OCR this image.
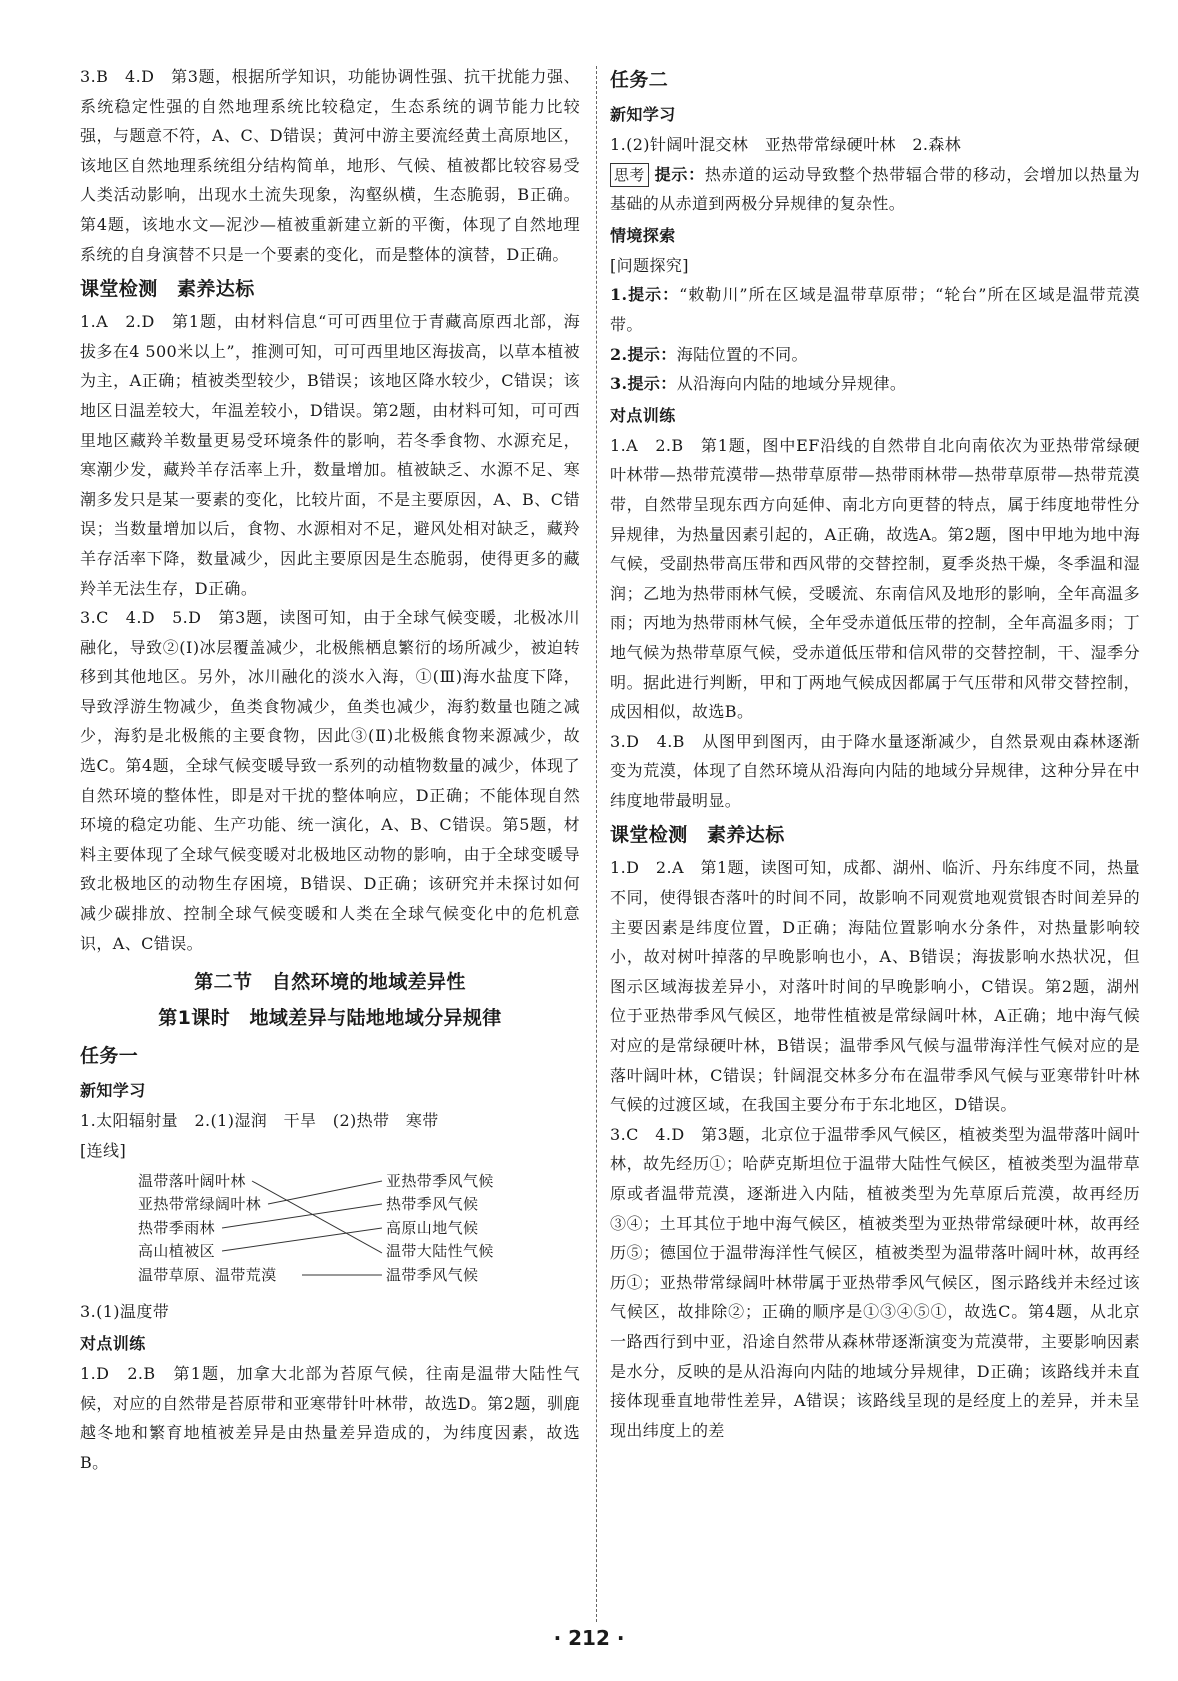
3.B　4.D　第3题，根据所学知识，功能协调性强、抗干扰能力强、系统稳定性强的自然地理系统比较稳定，生态系统的调节能力比较强，与题意不符，A、C、D错误；黄河中游主要流经黄土高原地区，该地区自然地理系统组分结构简单，地形、气候、植被都比较容易受人类活动影响，出现水土流失现象，沟壑纵横，生态脆弱，B正确。第4题，该地水文—泥沙—植被重新建立新的平衡，体现了自然地理系统的自身演替不只是一个要素的变化，而是整体的演替，D正确。

课堂检测　素养达标

1.A　2.D　第1题，由材料信息“可可西里位于青藏高原西北部，海拔多在4 500米以上”，推测可知，可可西里地区海拔高，以草本植被为主，A正确；植被类型较少，B错误；该地区降水较少，C错误；该地区日温差较大，年温差较小，D错误。第2题，由材料可知，可可西里地区藏羚羊数量更易受环境条件的影响，若冬季食物、水源充足，寒潮少发，藏羚羊存活率上升，数量增加。植被缺乏、水源不足、寒潮多发只是某一要素的变化，比较片面，不是主要原因，A、B、C错误；当数量增加以后，食物、水源相对不足，避风处相对缺乏，藏羚羊存活率下降，数量减少，因此主要原因是生态脆弱，使得更多的藏羚羊无法生存，D正确。

3.C　4.D　5.D　第3题，读图可知，由于全球气候变暖，北极冰川融化，导致②(Ⅰ)冰层覆盖减少，北极熊栖息繁衍的场所减少，被迫转移到其他地区。另外，冰川融化的淡水入海，①(Ⅲ)海水盐度下降，导致浮游生物减少，鱼类食物减少，鱼类也减少，海豹数量也随之减少，海豹是北极熊的主要食物，因此③(Ⅱ)北极熊食物来源减少，故选C。第4题，全球气候变暖导致一系列的动植物数量的减少，体现了自然环境的整体性，即是对干扰的整体响应，D正确；不能体现自然环境的稳定功能、生产功能、统一演化，A、B、C错误。第5题，材料主要体现了全球气候变暖对北极地区动物的影响，由于全球变暖导致北极地区的动物生存困境，B错误、D正确；该研究并未探讨如何减少碳排放、控制全球气候变暖和人类在全球气候变化中的危机意识，A、C错误。

第二节　自然环境的地域差异性
第1课时　地域差异与陆地地域分异规律
任务一
新知学习

1.太阳辐射量　2.(1)湿润　干旱　(2)热带　寒带

[连线]
温带落叶阔叶林
亚热带常绿阔叶林
热带季雨林
高山植被区
温带草原、温带荒漠
亚热带季风气候
热带季风气候
高原山地气候
温带大陆性气候
温带季风气候

3.(1)温度带

对点训练

1.D　2.B　第1题，加拿大北部为苔原气候，往南是温带大陆性气候，对应的自然带是苔原带和亚寒带针叶林带，故选D。第2题，驯鹿越冬地和繁育地植被差异是由热量差异造成的，为纬度因素，故选B。

任务二
新知学习

1.(2)针阔叶混交林　亚热带常绿硬叶林　2.森林

思考 提示：热赤道的运动导致整个热带辐合带的移动，会增加以热量为基础的从赤道到两极分异规律的复杂性。

情境探索
[问题探究]

1.提示：“敕勒川”所在区域是温带草原带；“轮台”所在区域是温带荒漠带。

2.提示：海陆位置的不同。

3.提示：从沿海向内陆的地域分异规律。

对点训练

1.A　2.B　第1题，图中EF沿线的自然带自北向南依次为亚热带常绿硬叶林带—热带荒漠带—热带草原带—热带雨林带—热带草原带—热带荒漠带，自然带呈现东西方向延伸、南北方向更替的特点，属于纬度地带性分异规律，为热量因素引起的，A正确，故选A。第2题，图中甲地为地中海气候，受副热带高压带和西风带的交替控制，夏季炎热干燥，冬季温和湿润；乙地为热带雨林气候，受暖流、东南信风及地形的影响，全年高温多雨；丙地为热带雨林气候，全年受赤道低压带的控制，全年高温多雨；丁地气候为热带草原气候，受赤道低压带和信风带的交替控制，干、湿季分明。据此进行判断，甲和丁两地气候成因都属于气压带和风带交替控制，成因相似，故选B。

3.D　4.B　从图甲到图丙，由于降水量逐渐减少，自然景观由森林逐渐变为荒漠，体现了自然环境从沿海向内陆的地域分异规律，这种分异在中纬度地带最明显。

课堂检测　素养达标

1.D　2.A　第1题，读图可知，成都、湖州、临沂、丹东纬度不同，热量不同，使得银杏落叶的时间不同，故影响不同观赏地观赏银杏时间差异的主要因素是纬度位置，D正确；海陆位置影响水分条件，对热量影响较小，故对树叶掉落的早晚影响也小，A、B错误；海拔影响水热状况，但图示区域海拔差异小，对落叶时间的早晚影响小，C错误。第2题，湖州位于亚热带季风气候区，地带性植被是常绿阔叶林，A正确；地中海气候对应的是常绿硬叶林，B错误；温带季风气候与温带海洋性气候对应的是落叶阔叶林，C错误；针阔混交林多分布在温带季风气候与亚寒带针叶林气候的过渡区域，在我国主要分布于东北地区，D错误。

3.C　4.D　第3题，北京位于温带季风气候区，植被类型为温带落叶阔叶林，故先经历①；哈萨克斯坦位于温带大陆性气候区，植被类型为温带草原或者温带荒漠，逐渐进入内陆，植被类型为先草原后荒漠，故再经历③④；土耳其位于地中海气候区，植被类型为亚热带常绿硬叶林，故再经历⑤；德国位于温带海洋性气候区，植被类型为温带落叶阔叶林，故再经历①；亚热带常绿阔叶林带属于亚热带季风气候区，图示路线并未经过该气候区，故排除②；正确的顺序是①③④⑤①，故选C。第4题，从北京一路西行到中亚，沿途自然带从森林带逐渐演变为荒漠带，主要影响因素是水分，反映的是从沿海向内陆的地域分异规律，D正确；该路线并未直接体现垂直地带性差异，A错误；该路线呈现的是经度上的差异，并未呈现出纬度上的差

· 212 ·
